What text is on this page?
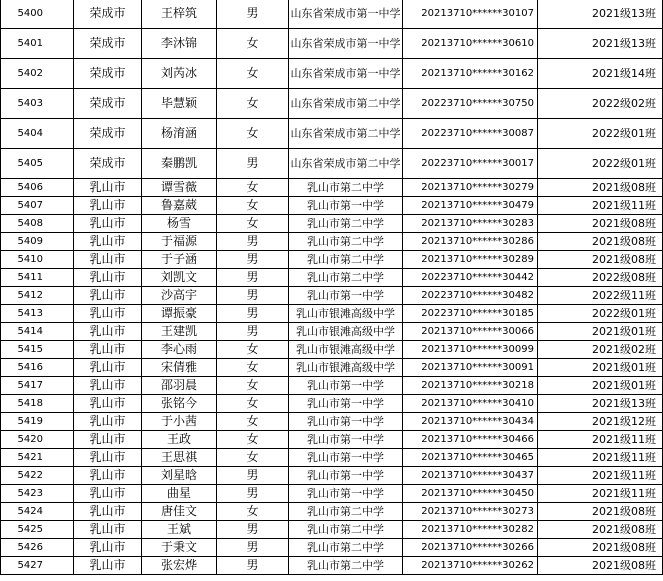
5400	荣成市	王梓筑	男	山东省荣成市第一中学	20213710******30107	2021级13班
5401	荣成市	李沐锦	女	山东省荣成市第一中学	20213710******30610	2021级13班
5402	荣成市	刘芮冰	女	山东省荣成市第一中学	20213710******30162	2021级14班
5403	荣成市	毕慧颖	女	山东省荣成市第二中学	20223710******30750	2022级02班
5404	荣成市	杨淯涵	女	山东省荣成市第二中学	20223710******30087	2022级01班
5405	荣成市	秦鹏凯	男	山东省荣成市第二中学	20223710******30017	2022级01班
5406	乳山市	谭雪薇	女	乳山市第二中学	20213710******30279	2021级08班
5407	乳山市	鲁嘉葳	女	乳山市第一中学	20213710******30479	2021级11班
5408	乳山市	杨雪	女	乳山市第二中学	20213710******30283	2021级08班
5409	乳山市	于福源	男	乳山市第二中学	20213710******30286	2021级08班
5410	乳山市	于子涵	男	乳山市第二中学	20213710******30289	2021级08班
5411	乳山市	刘凯文	男	乳山市第二中学	20223710******30442	2022级08班
5412	乳山市	沙高宇	男	乳山市第一中学	20223710******30482	2022级11班
5413	乳山市	谭振豪	男	乳山市银滩高级中学	20223710******30185	2022级01班
5414	乳山市	王建凯	男	乳山市银滩高级中学	20213710******30066	2021级01班
5415	乳山市	李心雨	女	乳山市银滩高级中学	20213710******30099	2021级02班
5416	乳山市	宋倩雅	女	乳山市银滩高级中学	20213710******30091	2021级01班
5417	乳山市	邵羽晨	女	乳山市第一中学	20213710******30218	2021级01班
5418	乳山市	张铭今	女	乳山市第一中学	20213710******30410	2021级13班
5419	乳山市	于小茜	女	乳山市第一中学	20213710******30434	2021级12班
5420	乳山市	王政	女	乳山市第一中学	20213710******30466	2021级11班
5421	乳山市	王思祺	女	乳山市第一中学	20213710******30465	2021级11班
5422	乳山市	刘星晗	男	乳山市第一中学	20213710******30437	2021级11班
5423	乳山市	曲星	男	乳山市第一中学	20213710******30450	2021级11班
5424	乳山市	唐佳文	女	乳山市第二中学	20213710******30273	2021级08班
5425	乳山市	王斌	男	乳山市第二中学	20213710******30282	2021级08班
5426	乳山市	于秉文	男	乳山市第二中学	20213710******30266	2021级08班
5427	乳山市	张宏烨	男	乳山市第二中学	20213710******30262	2021级08班
